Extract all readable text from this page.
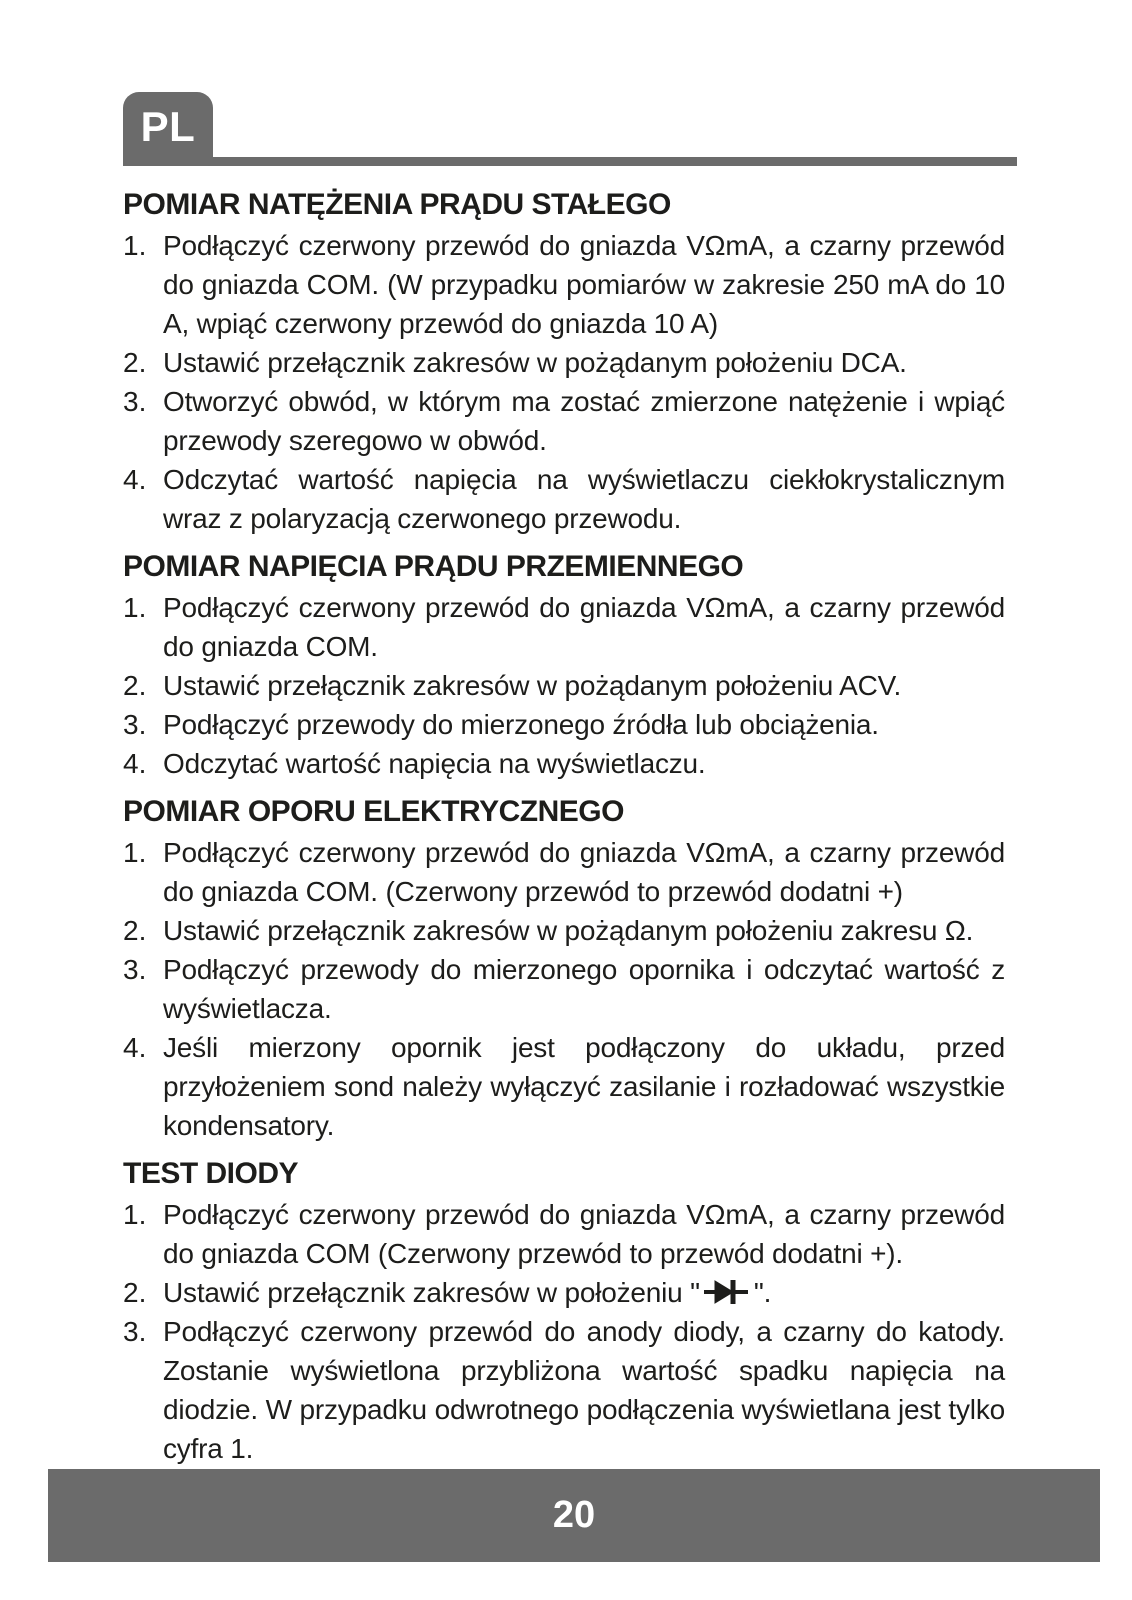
PL
POMIAR NATĘŻENIA PRĄDU STAŁEGO
1. Podłączyć czerwony przewód do gniazda VΩmA, a czarny przewód do gniazda COM. (W przypadku pomiarów w zakresie 250 mA do 10 A, wpiąć czerwony przewód do gniazda 10 A)
2. Ustawić przełącznik zakresów w pożądanym położeniu DCA.
3. Otworzyć obwód, w którym ma zostać zmierzone natężenie i wpiąć przewody szeregowo w obwód.
4. Odczytać wartość napięcia na wyświetlaczu ciekłokrystalicznym wraz z polaryzacją czerwonego przewodu.
POMIAR NAPIĘCIA PRĄDU PRZEMIENNEGO
1. Podłączyć czerwony przewód do gniazda VΩmA, a czarny przewód do gniazda COM.
2. Ustawić przełącznik zakresów w pożądanym położeniu ACV.
3. Podłączyć przewody do mierzonego źródła lub obciążenia.
4. Odczytać wartość napięcia na wyświetlaczu.
POMIAR OPORU ELEKTRYCZNEGO
1. Podłączyć czerwony przewód do gniazda VΩmA, a czarny przewód do gniazda COM. (Czerwony przewód to przewód dodatni +)
2. Ustawić przełącznik zakresów w pożądanym położeniu zakresu Ω.
3. Podłączyć przewody do mierzonego opornika i odczytać wartość z wyświetlacza.
4. Jeśli mierzony opornik jest podłączony do układu, przed przyłożeniem sond należy wyłączyć zasilanie i rozładować wszystkie kondensatory.
TEST DIODY
1. Podłączyć czerwony przewód do gniazda VΩmA, a czarny przewód do gniazda COM (Czerwony przewód to przewód dodatni +).
2. Ustawić przełącznik zakresów w położeniu " ".
3. Podłączyć czerwony przewód do anody diody, a czarny do katody. Zostanie wyświetlona przybliżona wartość spadku napięcia na diodzie. W przypadku odwrotnego podłączenia wyświetlana jest tylko cyfra 1.
20
